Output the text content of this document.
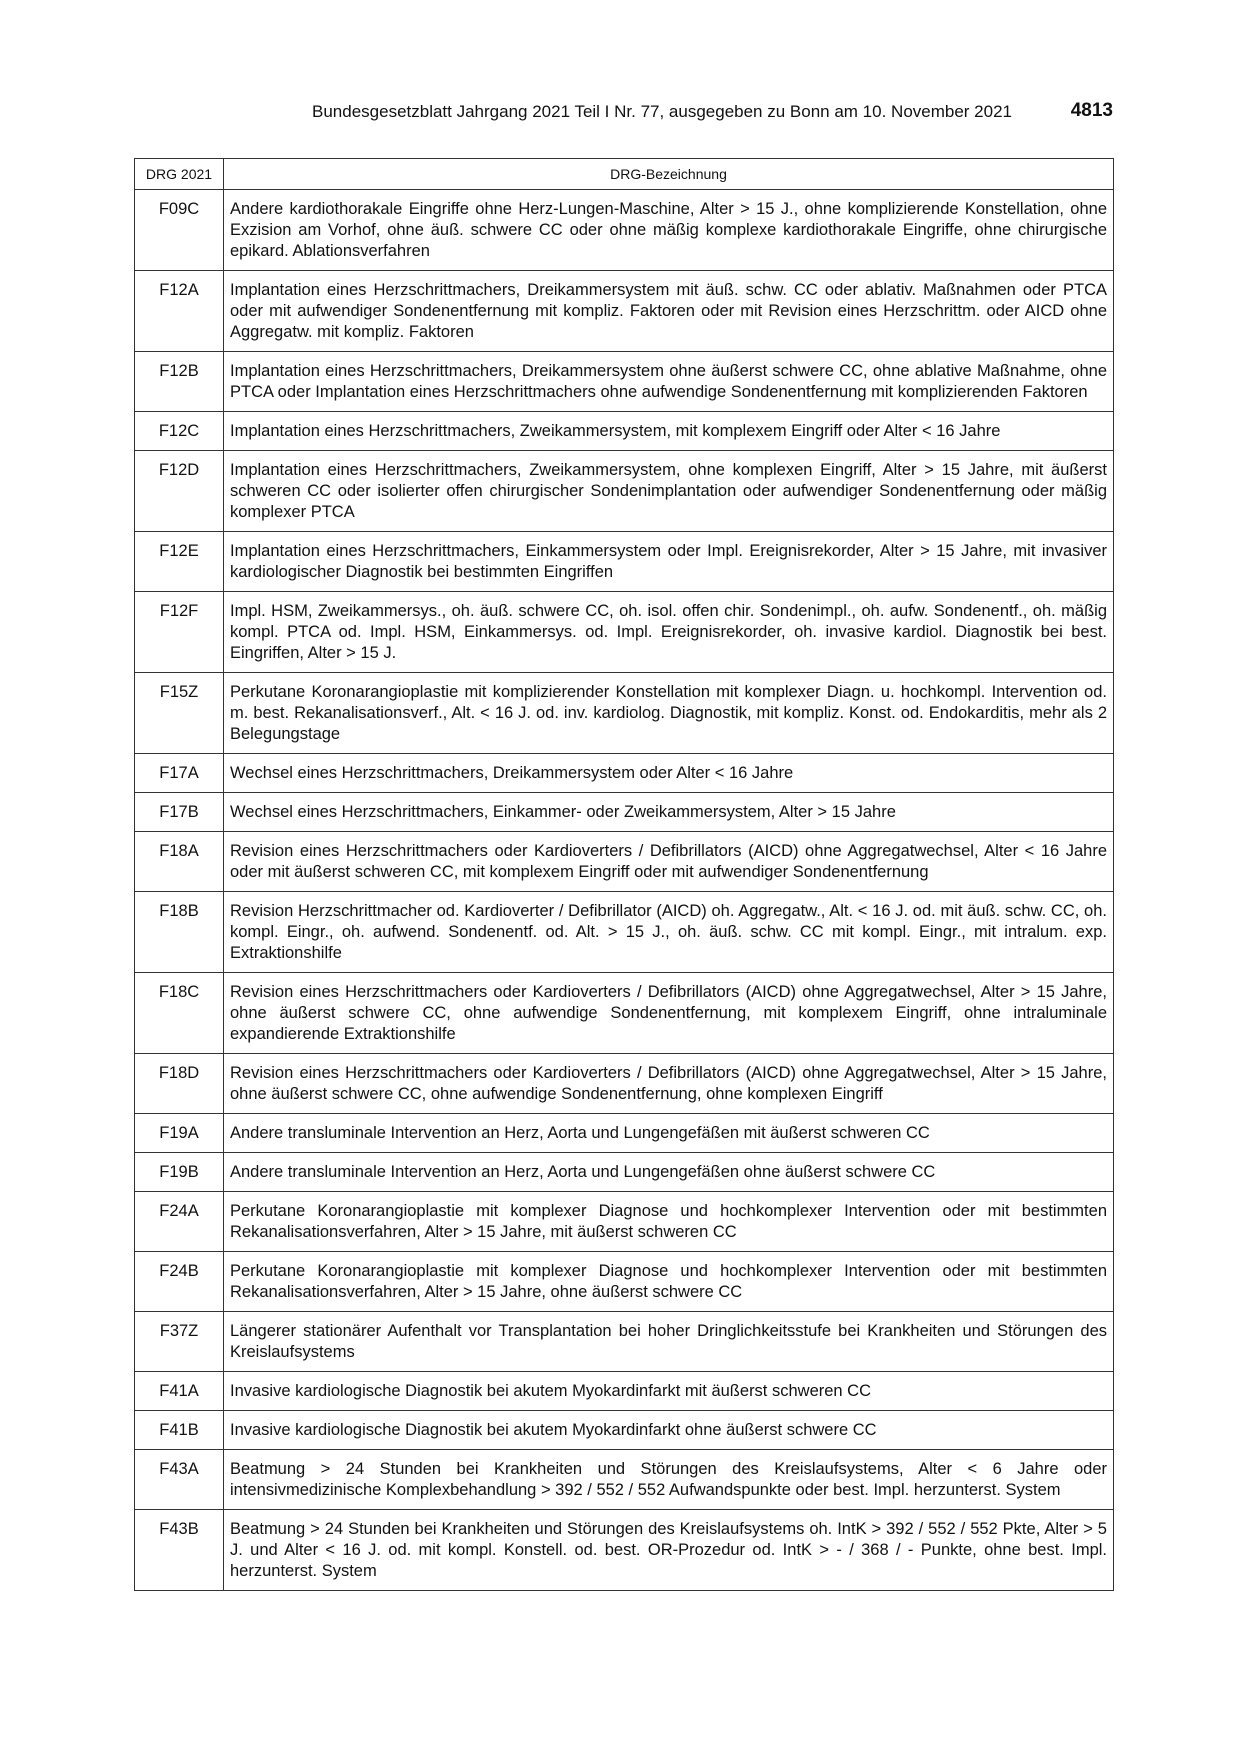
Bundesgesetzblatt Jahrgang 2021 Teil I Nr. 77, ausgegeben zu Bonn am 10. November 2021	4813
DRG 2021	DRG-Bezeichnung
F09C	Andere kardiothorakale Eingriffe ohne Herz-Lungen-Maschine, Alter > 15 J., ohne komplizierende Konstellation, ohne Exzision am Vorhof, ohne äuß. schwere CC oder ohne mäßig komplexe kardiothorakale Eingriffe, ohne chirurgische epikard. Ablationsverfahren
F12A	Implantation eines Herzschrittmachers, Dreikammersystem mit äuß. schw. CC oder ablativ. Maßnahmen oder PTCA oder mit aufwendiger Sondenentfernung mit kompliz. Faktoren oder mit Revision eines Herzschrittm. oder AICD ohne Aggregatw. mit kompliz. Faktoren
F12B	Implantation eines Herzschrittmachers, Dreikammersystem ohne äußerst schwere CC, ohne ablative Maßnahme, ohne PTCA oder Implantation eines Herzschrittmachers ohne aufwendige Sondenentfernung mit komplizierenden Faktoren
F12C	Implantation eines Herzschrittmachers, Zweikammersystem, mit komplexem Eingriff oder Alter < 16 Jahre
F12D	Implantation eines Herzschrittmachers, Zweikammersystem, ohne komplexen Eingriff, Alter > 15 Jahre, mit äußerst schweren CC oder isolierter offen chirurgischer Sondenimplantation oder aufwendiger Sondenentfernung oder mäßig komplexer PTCA
F12E	Implantation eines Herzschrittmachers, Einkammersystem oder Impl. Ereignisrekorder, Alter > 15 Jahre, mit invasiver kardiologischer Diagnostik bei bestimmten Eingriffen
F12F	Impl. HSM, Zweikammersys., oh. äuß. schwere CC, oh. isol. offen chir. Sondenimpl., oh. aufw. Sondenentf., oh. mäßig kompl. PTCA od. Impl. HSM, Einkammersys. od. Impl. Ereignisrekorder, oh. invasive kardiol. Diagnostik bei best. Eingriffen, Alter > 15 J.
F15Z	Perkutane Koronarangioplastie mit komplizierender Konstellation mit komplexer Diagn. u. hochkompl. Intervention od. m. best. Rekanalisationsverf., Alt. < 16 J. od. inv. kardiolog. Diagnostik, mit kompliz. Konst. od. Endokarditis, mehr als 2 Belegungstage
F17A	Wechsel eines Herzschrittmachers, Dreikammersystem oder Alter < 16 Jahre
F17B	Wechsel eines Herzschrittmachers, Einkammer- oder Zweikammersystem, Alter > 15 Jahre
F18A	Revision eines Herzschrittmachers oder Kardioverters / Defibrillators (AICD) ohne Aggregatwechsel, Alter < 16 Jahre oder mit äußerst schweren CC, mit komplexem Eingriff oder mit aufwendiger Sondenentfernung
F18B	Revision Herzschrittmacher od. Kardioverter / Defibrillator (AICD) oh. Aggregatw., Alt. < 16 J. od. mit äuß. schw. CC, oh. kompl. Eingr., oh. aufwend. Sondenentf. od. Alt. > 15 J., oh. äuß. schw. CC mit kompl. Eingr., mit intralum. exp. Extraktionshilfe
F18C	Revision eines Herzschrittmachers oder Kardioverters / Defibrillators (AICD) ohne Aggregatwechsel, Alter > 15 Jahre, ohne äußerst schwere CC, ohne aufwendige Sondenentfernung, mit komplexem Eingriff, ohne intraluminale expandierende Extraktionshilfe
F18D	Revision eines Herzschrittmachers oder Kardioverters / Defibrillators (AICD) ohne Aggregatwechsel, Alter > 15 Jahre, ohne äußerst schwere CC, ohne aufwendige Sondenentfernung, ohne komplexen Eingriff
F19A	Andere transluminale Intervention an Herz, Aorta und Lungengefäßen mit äußerst schweren CC
F19B	Andere transluminale Intervention an Herz, Aorta und Lungengefäßen ohne äußerst schwere CC
F24A	Perkutane Koronarangioplastie mit komplexer Diagnose und hochkomplexer Intervention oder mit bestimmten Rekanalisationsverfahren, Alter > 15 Jahre, mit äußerst schweren CC
F24B	Perkutane Koronarangioplastie mit komplexer Diagnose und hochkomplexer Intervention oder mit bestimmten Rekanalisationsverfahren, Alter > 15 Jahre, ohne äußerst schwere CC
F37Z	Längerer stationärer Aufenthalt vor Transplantation bei hoher Dringlichkeitsstufe bei Krankheiten und Störungen des Kreislaufsystems
F41A	Invasive kardiologische Diagnostik bei akutem Myokardinfarkt mit äußerst schweren CC
F41B	Invasive kardiologische Diagnostik bei akutem Myokardinfarkt ohne äußerst schwere CC
F43A	Beatmung > 24 Stunden bei Krankheiten und Störungen des Kreislaufsystems, Alter < 6 Jahre oder intensivmedizinische Komplexbehandlung > 392 / 552 / 552 Aufwandspunkte oder best. Impl. herzunterst. System
F43B	Beatmung > 24 Stunden bei Krankheiten und Störungen des Kreislaufsystems oh. IntK > 392 / 552 / 552 Pkte, Alter > 5 J. und Alter < 16 J. od. mit kompl. Konstell. od. best. OR-Prozedur od. IntK > - / 368 / - Punkte, ohne best. Impl. herzunterst. System
